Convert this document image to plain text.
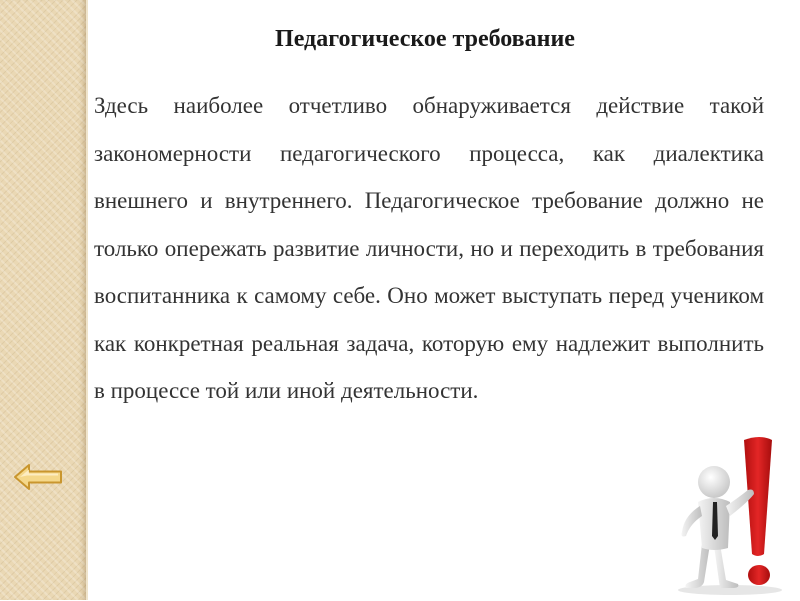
Педагогическое требование

Здесь наиболее отчетливо обнаруживается действие такой закономерности педагогического процесса, как диалектика внешнего и внутреннего. Педагогическое требование должно не только опережать развитие личности, но и переходить в требования воспитанника к самому себе. Оно может выступать перед учеником как конкретная реальная задача, которую ему надлежит выполнить в процессе той или иной деятельности.
